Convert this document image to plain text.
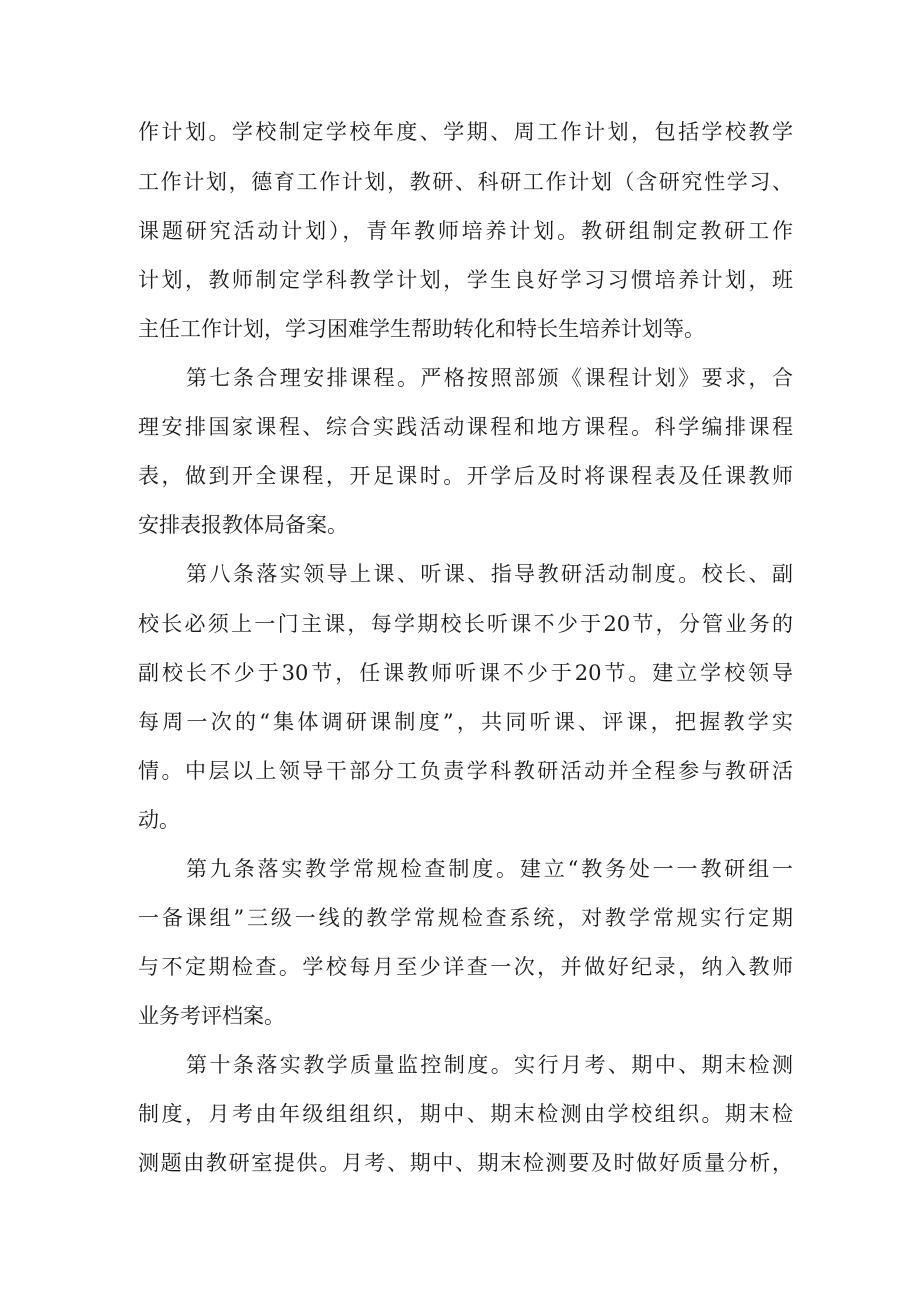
作计划。学校制定学校年度、学期、周工作计划，包括学校教学
工作计划，德育工作计划，教研、科研工作计划（含研究性学习、
课题研究活动计划），青年教师培养计划。教研组制定教研工作
计划，教师制定学科教学计划，学生良好学习习惯培养计划，班
主任工作计划，学习困难学生帮助转化和特长生培养计划等。
第七条合理安排课程。严格按照部颁《课程计划》要求，合
理安排国家课程、综合实践活动课程和地方课程。科学编排课程
表，做到开全课程，开足课时。开学后及时将课程表及任课教师
安排表报教体局备案。
第八条落实领导上课、听课、指导教研活动制度。校长、副
校长必须上一门主课，每学期校长听课不少于20节，分管业务的
副校长不少于30节，任课教师听课不少于20节。建立学校领导
每周一次的“集体调研课制度”，共同听课、评课，把握教学实
情。中层以上领导干部分工负责学科教研活动并全程参与教研活
动。
第九条落实教学常规检查制度。建立“教务处一一教研组一
一备课组”三级一线的教学常规检查系统，对教学常规实行定期
与不定期检查。学校每月至少详查一次，并做好纪录，纳入教师
业务考评档案。
第十条落实教学质量监控制度。实行月考、期中、期末检测
制度，月考由年级组组织，期中、期末检测由学校组织。期末检
测题由教研室提供。月考、期中、期末检测要及时做好质量分析，
